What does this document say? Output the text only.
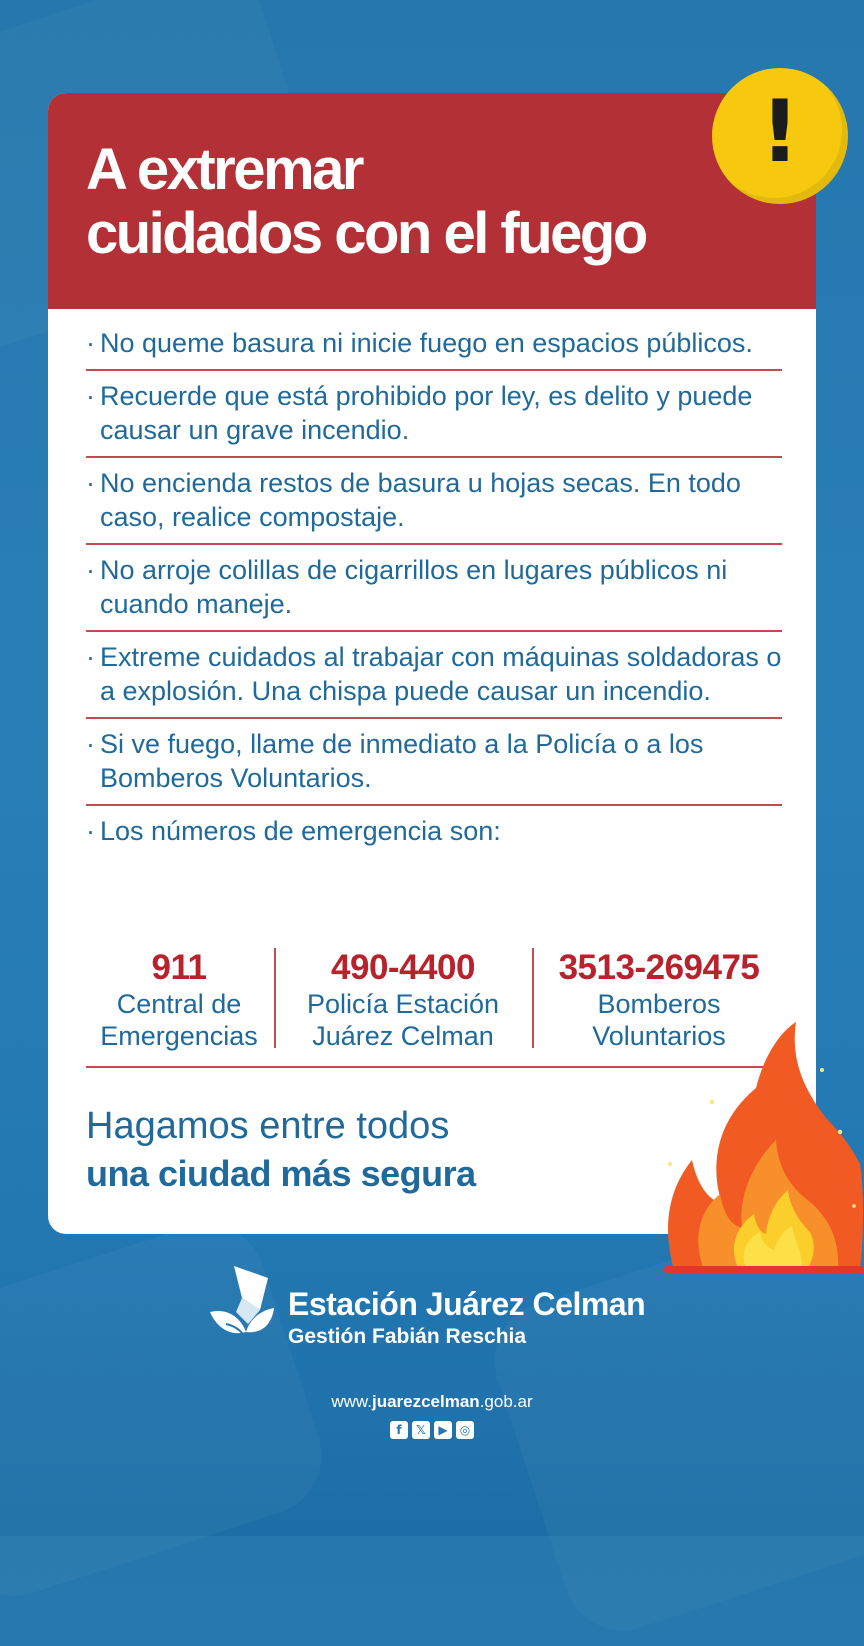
A extremar
cuidados con el fuego
· No queme basura ni inicie fuego en espacios públicos.
· Recuerde que está prohibido por ley, es delito y puede causar un grave incendio.
· No encienda restos de basura u hojas secas. En todo caso, realice compostaje.
· No arroje colillas de cigarrillos en lugares públicos ni cuando maneje.
· Extreme cuidados al trabajar con máquinas soldadoras o a explosión. Una chispa puede causar un incendio.
· Si ve fuego, llame de inmediato a la Policía o a los Bomberos Voluntarios.
· Los números de emergencia son:
911
Central de
Emergencias
490-4400
Policía Estación
Juárez Celman
3513-269475
Bomberos
Voluntarios
Hagamos entre todos
una ciudad más segura
!
Estación Juárez Celman
Gestión Fabián Reschia
www.juarezcelman.gob.ar
f	𝕏	▶	◎
